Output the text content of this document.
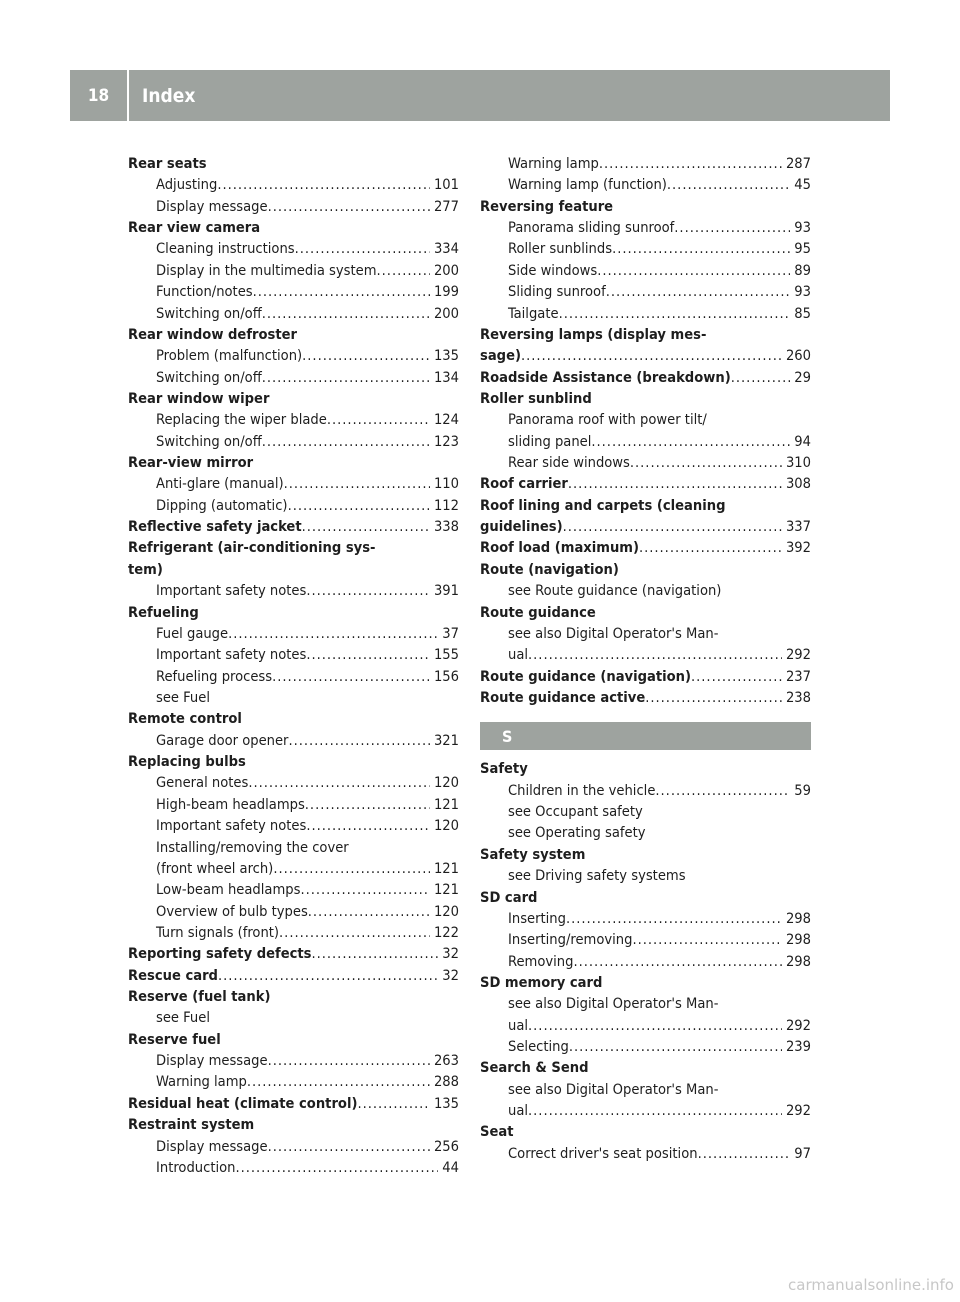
18	Index
Rear seats
Adjusting . . .	101
Display message . . .	277
Rear view camera
Cleaning instructions . . .	334
Display in the multimedia system . . .	200
Function/notes . . .	199
Switching on/off . . .	200
Rear window defroster
Problem (malfunction) . . .	135
Switching on/off . . .	134
Rear window wiper
Replacing the wiper blade . . .	124
Switching on/off . . .	123
Rear-view mirror
Anti-glare (manual) . . .	110
Dipping (automatic) . . .	112
Reflective safety jacket . . .	338
Refrigerant (air-conditioning sys-
tem)
Important safety notes . . .	391
Refueling
Fuel gauge . . .	37
Important safety notes . . .	155
Refueling process . . .	156
see Fuel
Remote control
Garage door opener . . .	321
Replacing bulbs
General notes . . .	120
High-beam headlamps . . .	121
Important safety notes . . .	120
Installing/removing the cover
(front wheel arch) . . .	121
Low-beam headlamps . . .	121
Overview of bulb types . . .	120
Turn signals (front) . . .	122
Reporting safety defects . . .	32
Rescue card . . .	32
Reserve (fuel tank)
see Fuel
Reserve fuel
Display message . . .	263
Warning lamp . . .	288
Residual heat (climate control) . . .	135
Restraint system
Display message . . .	256
Introduction . . .	44
Warning lamp . . .	287
Warning lamp (function) . . .	45
Reversing feature
Panorama sliding sunroof . . .	93
Roller sunblinds . . .	95
Side windows . . .	89
Sliding sunroof . . .	93
Tailgate . . .	85
Reversing lamps (display mes-
sage) . . .	260
Roadside Assistance (breakdown) . . .	29
Roller sunblind
Panorama roof with power tilt/
sliding panel . . .	94
Rear side windows . . .	310
Roof carrier . . .	308
Roof lining and carpets (cleaning
guidelines) . . .	337
Roof load (maximum) . . .	392
Route (navigation)
see Route guidance (navigation)
Route guidance
see also Digital Operator's Man-
ual . . .	292
Route guidance (navigation) . . .	237
Route guidance active . . .	238
S
Safety
Children in the vehicle . . .	59
see Occupant safety
see Operating safety
Safety system
see Driving safety systems
SD card
Inserting . . .	298
Inserting/removing . . .	298
Removing . . .	298
SD memory card
see also Digital Operator's Man-
ual . . .	292
Selecting . . .	239
Search & Send
see also Digital Operator's Man-
ual . . .	292
Seat
Correct driver's seat position . . .	97
carmanualsonline.info
